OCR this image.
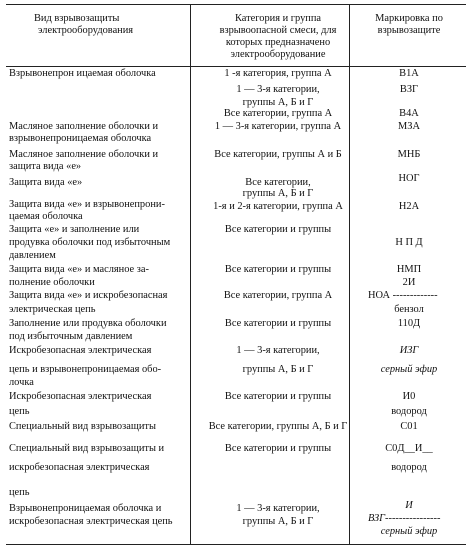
Вид взрывозащиты
электрооборудования
Категория и группа
взрывоопасной смеси, для
которых предназначено
электрооборудование
Маркировка по
взрывозащите
Взрывонепрон ицаемая оболочка
Масляное заполнение оболочки и
взрывонепроницаемая оболочка
Масляное заполнение оболочки и
защита вида «е»
Защита вида «е»
Защита вида «е» и взрывонепрони-
цаемая оболочка
Защита «е» и заполнение или
продувка оболочки под избыточным
давлением
Защита вида «е» и масляное за-
полнение оболочки
Защита вида «е» и искробезопасная
электрическая цепь
Заполнение или продувка оболочки
под избыточным давлением
Искробезопасная электрическая
цепь и взрывонепроницаемая обо-
лочка
Искробезопасная электрическая
цепь
Специальный вид взрывозащиты
Специальный вид взрывозащиты и
искробезопасная электрическая
цепь
Взрывонепроницаемая оболочка и
искробезопасная электрическая цепь
1 -я категория, группа А
1 — 3-я категории,
группы А, Б и Г
Все категории, группа А
1 — 3-я категории, группа А
Все категории, группы А и Б
Все категории,
группы А, Б и Г
1-я и 2-я категории, группа А
Все категории и группы
Все категории и группы
Все категории, группа А
Все категории и группы
1 — 3-я категории,
группы А, Б и Г
Все категории и группы
Все категории, группы А, Б и Г
Все категории и группы
1 — 3-я категории,
группы А, Б и Г
В1А
ВЗГ
В4А
МЗА
МНБ
НОГ
Н2А
Н П Д
НМП
2И
НОА -------------
бензол
110Д
ИЗГ
серный эфир
И0
водород
С01
С0Д__И__
водород
И
ВЗГ----------------
серный эфир
